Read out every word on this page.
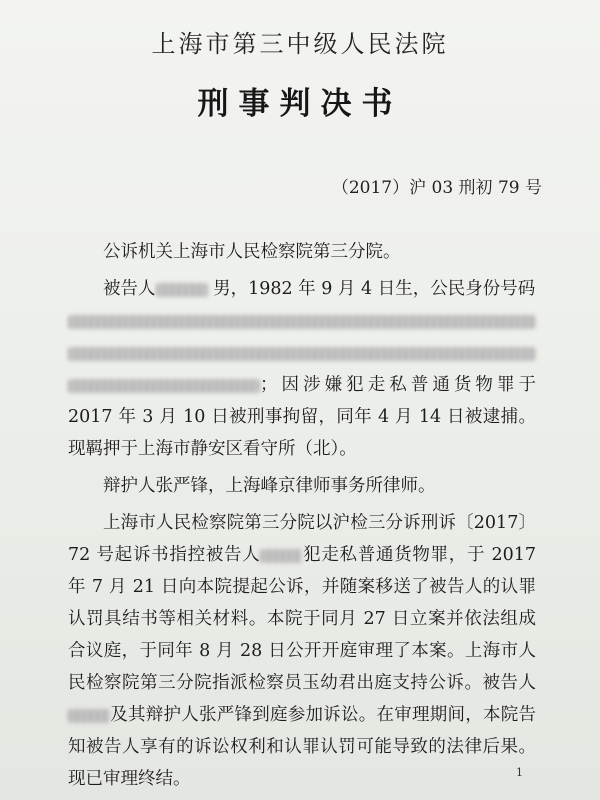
上海市第三中级人民法院
刑事判决书
（2017）沪 03 刑初 79 号

公诉机关上海市人民检察院第三分院。

被告人	男，1982 年 9 月 4 日生，公民身份号码
；因涉嫌犯走私普通货物罪于 2017 年 3 月 10 日被刑事拘留，同年 4 月 14 日被逮捕。现羁押于上海市静安区看守所（北）。

辩护人张严锋，上海峰京律师事务所律师。

上海市人民检察院第三分院以沪检三分诉刑诉〔2017〕72 号起诉书指控被告人 犯走私普通货物罪，于 2017 年 7 月 21 日向本院提起公诉，并随案移送了被告人的认罪认罚具结书等相关材料。本院于同月 27 日立案并依法组成合议庭，于同年 8 月 28 日公开开庭审理了本案。上海市人民检察院第三分院指派检察员玉幼君出庭支持公诉。被告人及其辩护人张严锋到庭参加诉讼。在审理期间，本院告知被告人享有的诉讼权利和认罪认罚可能导致的法律后果。现已审理终结。	1
